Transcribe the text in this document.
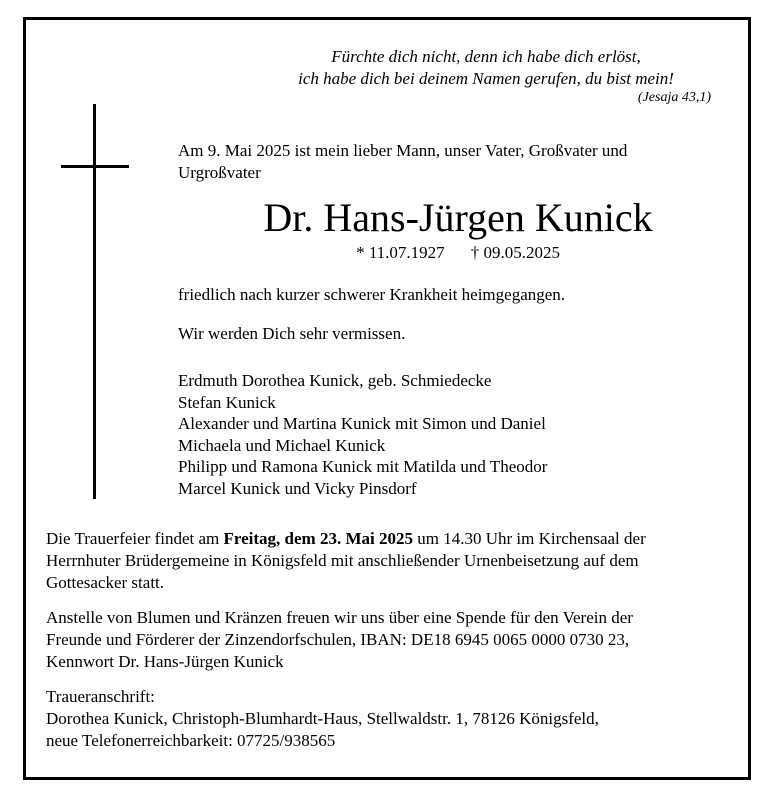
Fürchte dich nicht, denn ich habe dich erlöst,
ich habe dich bei deinem Namen gerufen, du bist mein!
(Jesaja 43,1)
Am 9. Mai 2025 ist mein lieber Mann, unser Vater, Großvater und
Urgroßvater
Dr. Hans-Jürgen Kunick
* 11.07.1927 † 09.05.2025
friedlich nach kurzer schwerer Krankheit heimgegangen.
Wir werden Dich sehr vermissen.
Erdmuth Dorothea Kunick, geb. Schmiedecke
Stefan Kunick
Alexander und Martina Kunick mit Simon und Daniel
Michaela und Michael Kunick
Philipp und Ramona Kunick mit Matilda und Theodor
Marcel Kunick und Vicky Pinsdorf

Die Trauerfeier findet am Freitag, dem 23. Mai 2025 um 14.30 Uhr im Kirchensaal der
Herrnhuter Brüdergemeine in Königsfeld mit anschließender Urnenbeisetzung auf dem
Gottesacker statt.

Anstelle von Blumen und Kränzen freuen wir uns über eine Spende für den Verein der
Freunde und Förderer der Zinzendorfschulen, IBAN: DE18 6945 0065 0000 0730 23,
Kennwort Dr. Hans-Jürgen Kunick

Traueranschrift:
Dorothea Kunick, Christoph-Blumhardt-Haus, Stellwaldstr. 1, 78126 Königsfeld,
neue Telefonerreichbarkeit: 07725/938565
